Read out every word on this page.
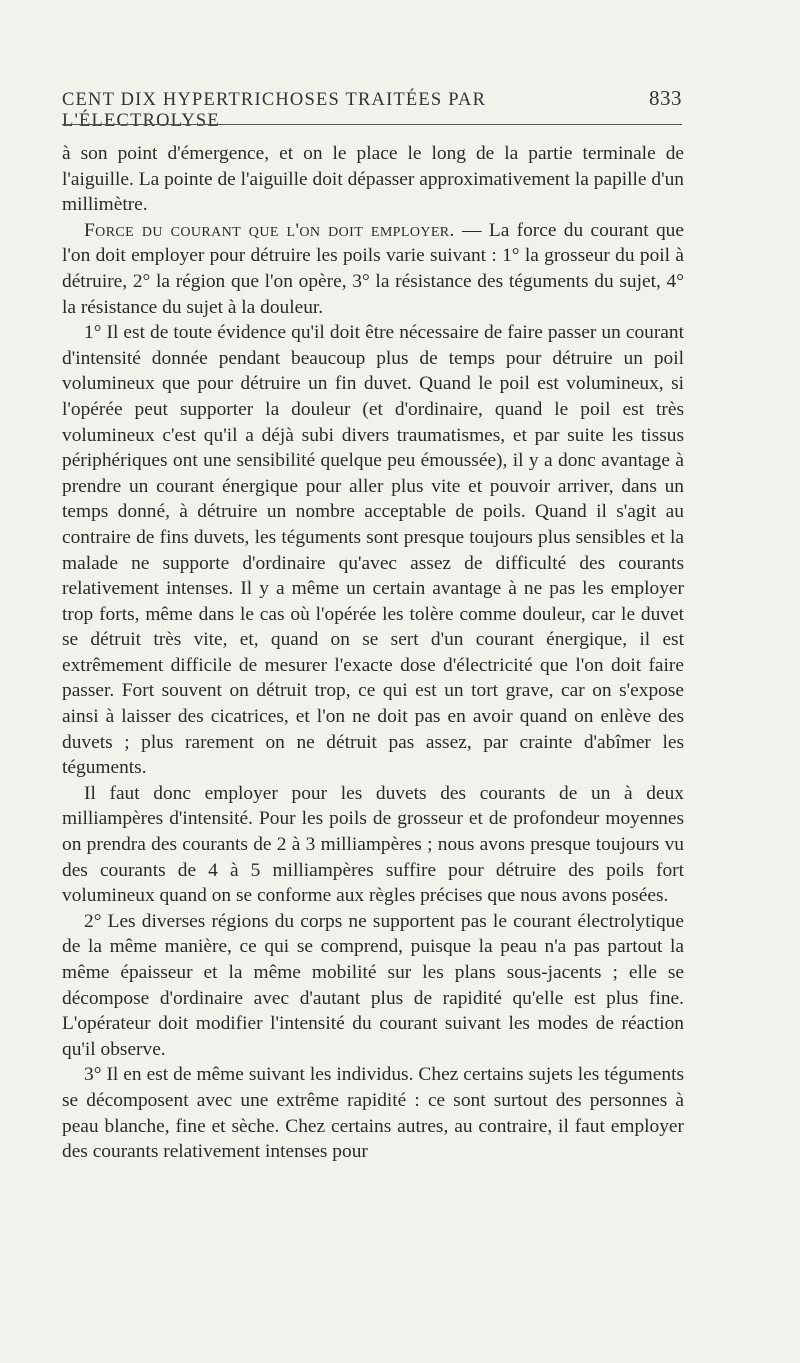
CENT DIX HYPERTRICHOSES TRAITÉES PAR L'ÉLECTROLYSE
833

à son point d'émergence, et on le place le long de la partie terminale de l'aiguille. La pointe de l'aiguille doit dépasser approximativement la papille d'un millimètre.

Force du courant que l'on doit employer. — La force du courant que l'on doit employer pour détruire les poils varie suivant : 1° la grosseur du poil à détruire, 2° la région que l'on opère, 3° la résistance des téguments du sujet, 4° la résistance du sujet à la douleur.

1° Il est de toute évidence qu'il doit être nécessaire de faire passer un courant d'intensité donnée pendant beaucoup plus de temps pour détruire un poil volumineux que pour détruire un fin duvet. Quand le poil est volumineux, si l'opérée peut supporter la douleur (et d'ordinaire, quand le poil est très volumineux c'est qu'il a déjà subi divers traumatismes, et par suite les tissus périphériques ont une sensibilité quelque peu émoussée), il y a donc avantage à prendre un courant énergique pour aller plus vite et pouvoir arriver, dans un temps donné, à détruire un nombre acceptable de poils. Quand il s'agit au contraire de fins duvets, les téguments sont presque toujours plus sensibles et la malade ne supporte d'ordinaire qu'avec assez de difficulté des courants relativement intenses. Il y a même un certain avantage à ne pas les employer trop forts, même dans le cas où l'opérée les tolère comme douleur, car le duvet se détruit très vite, et, quand on se sert d'un courant énergique, il est extrêmement difficile de mesurer l'exacte dose d'électricité que l'on doit faire passer. Fort souvent on détruit trop, ce qui est un tort grave, car on s'expose ainsi à laisser des cicatrices, et l'on ne doit pas en avoir quand on enlève des duvets ; plus rarement on ne détruit pas assez, par crainte d'abîmer les téguments.

Il faut donc employer pour les duvets des courants de un à deux milliampères d'intensité. Pour les poils de grosseur et de profondeur moyennes on prendra des courants de 2 à 3 milliampères ; nous avons presque toujours vu des courants de 4 à 5 milliampères suffire pour détruire des poils fort volumineux quand on se conforme aux règles précises que nous avons posées.

2° Les diverses régions du corps ne supportent pas le courant électrolytique de la même manière, ce qui se comprend, puisque la peau n'a pas partout la même épaisseur et la même mobilité sur les plans sous-jacents ; elle se décompose d'ordinaire avec d'autant plus de rapidité qu'elle est plus fine. L'opérateur doit modifier l'intensité du courant suivant les modes de réaction qu'il observe.

3° Il en est de même suivant les individus. Chez certains sujets les téguments se décomposent avec une extrême rapidité : ce sont surtout des personnes à peau blanche, fine et sèche. Chez certains autres, au contraire, il faut employer des courants relativement intenses pour
